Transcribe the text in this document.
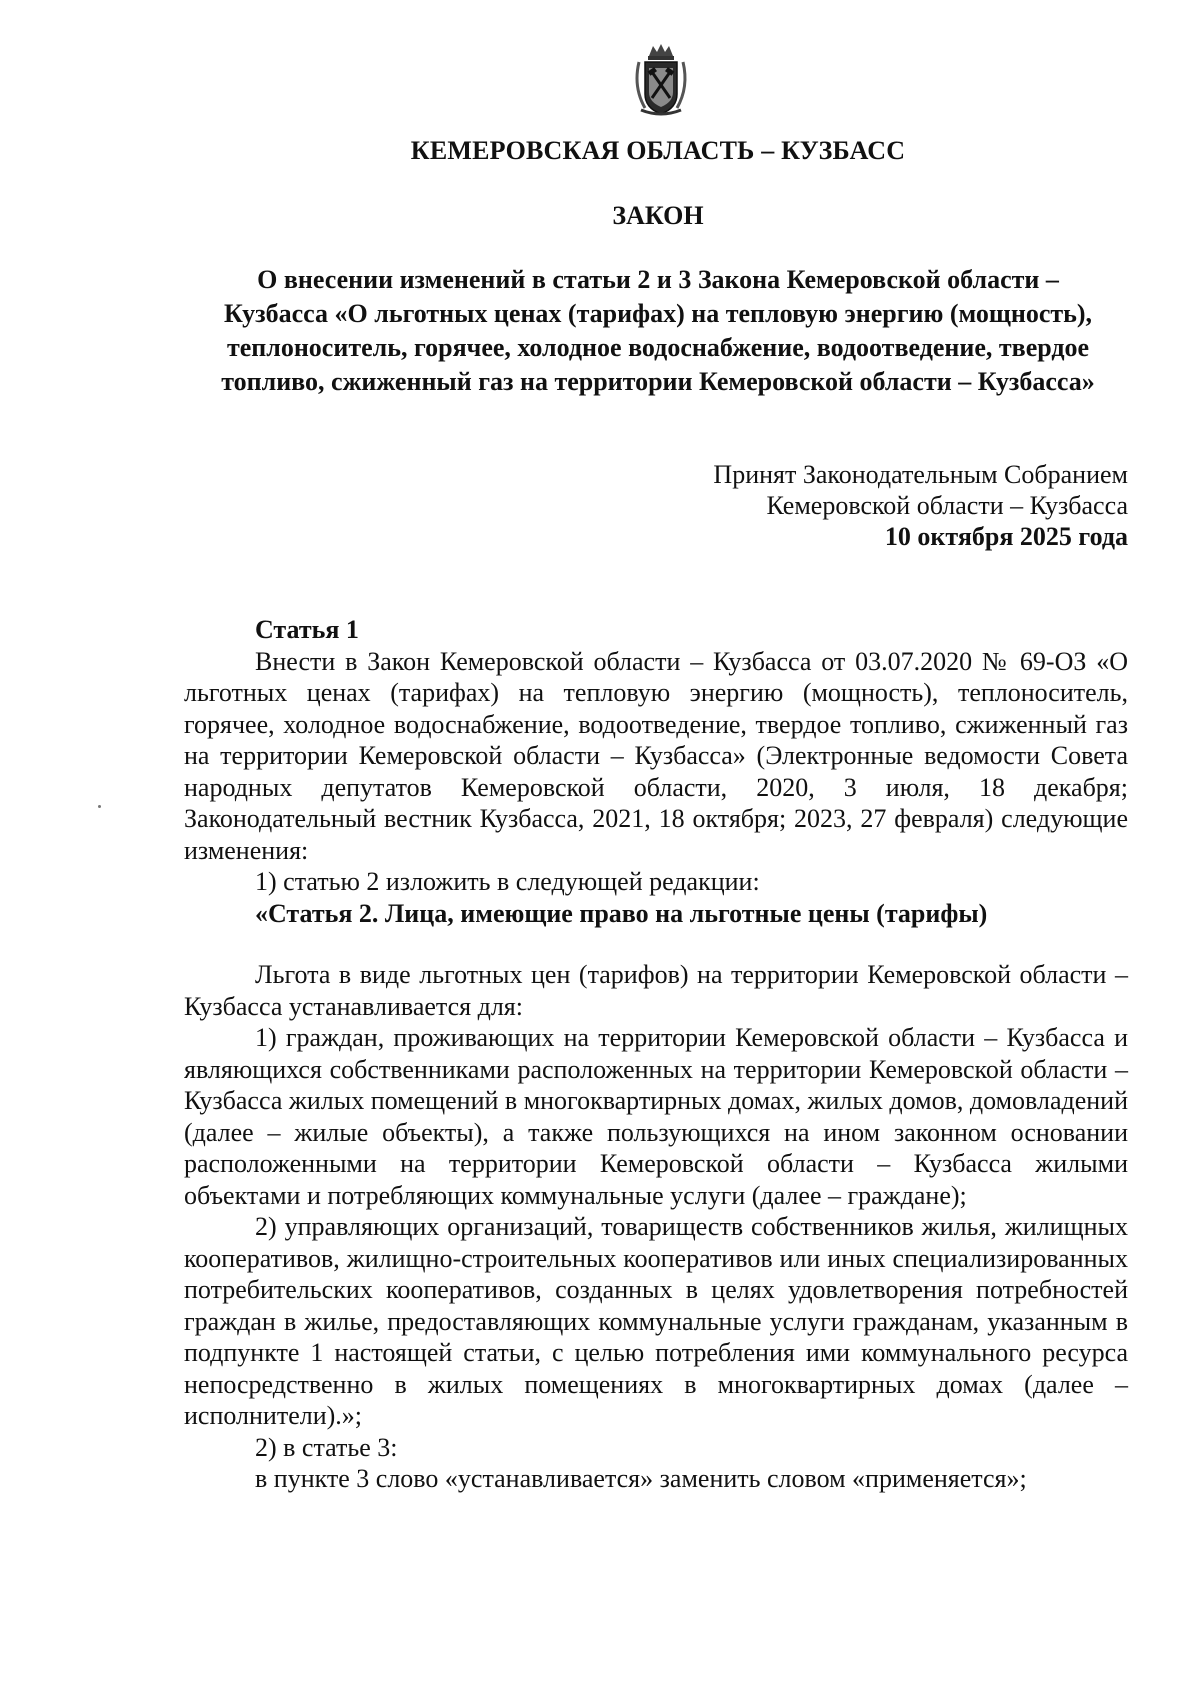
КЕМЕРОВСКАЯ ОБЛАСТЬ – КУЗБАСС
ЗАКОН
О внесении изменений в статьи 2 и 3 Закона Кемеровской области – Кузбасса «О льготных ценах (тарифах) на тепловую энергию (мощность), теплоноситель, горячее, холодное водоснабжение, водоотведение, твердое топливо, сжиженный газ на территории Кемеровской области – Кузбасса»
Принят Законодательным Собранием
Кемеровской области – Кузбасса
10 октября 2025 года

Статья 1

Внести в Закон Кемеровской области – Кузбасса от 03.07.2020 № 69-ОЗ «О льготных ценах (тарифах) на тепловую энергию (мощность), теплоноситель, горячее, холодное водоснабжение, водоотведение, твердое топливо, сжиженный газ на территории Кемеровской области – Кузбасса» (Электронные ведомости Совета народных депутатов Кемеровской области, 2020, 3 июля, 18 декабря; Законодательный вестник Кузбасса, 2021, 18 октября; 2023, 27 февраля) следующие изменения:

1) статью 2 изложить в следующей редакции:

«Статья 2. Лица, имеющие право на льготные цены (тарифы)

Льгота в виде льготных цен (тарифов) на территории Кемеровской области – Кузбасса устанавливается для:

1) граждан, проживающих на территории Кемеровской области – Кузбасса и являющихся собственниками расположенных на территории Кемеровской области – Кузбасса жилых помещений в многоквартирных домах, жилых домов, домовладений (далее – жилые объекты), а также пользующихся на ином законном основании расположенными на территории Кемеровской области – Кузбасса жилыми объектами и потребляющих коммунальные услуги (далее – граждане);

2) управляющих организаций, товариществ собственников жилья, жилищных кооперативов, жилищно-строительных кооперативов или иных специализированных потребительских кооперативов, созданных в целях удовлетворения потребностей граждан в жилье, предоставляющих коммунальные услуги гражданам, указанным в подпункте 1 настоящей статьи, с целью потребления ими коммунального ресурса непосредственно в жилых помещениях в многоквартирных домах (далее – исполнители).»;

2) в статье 3:

в пункте 3 слово «устанавливается» заменить словом «применяется»;
